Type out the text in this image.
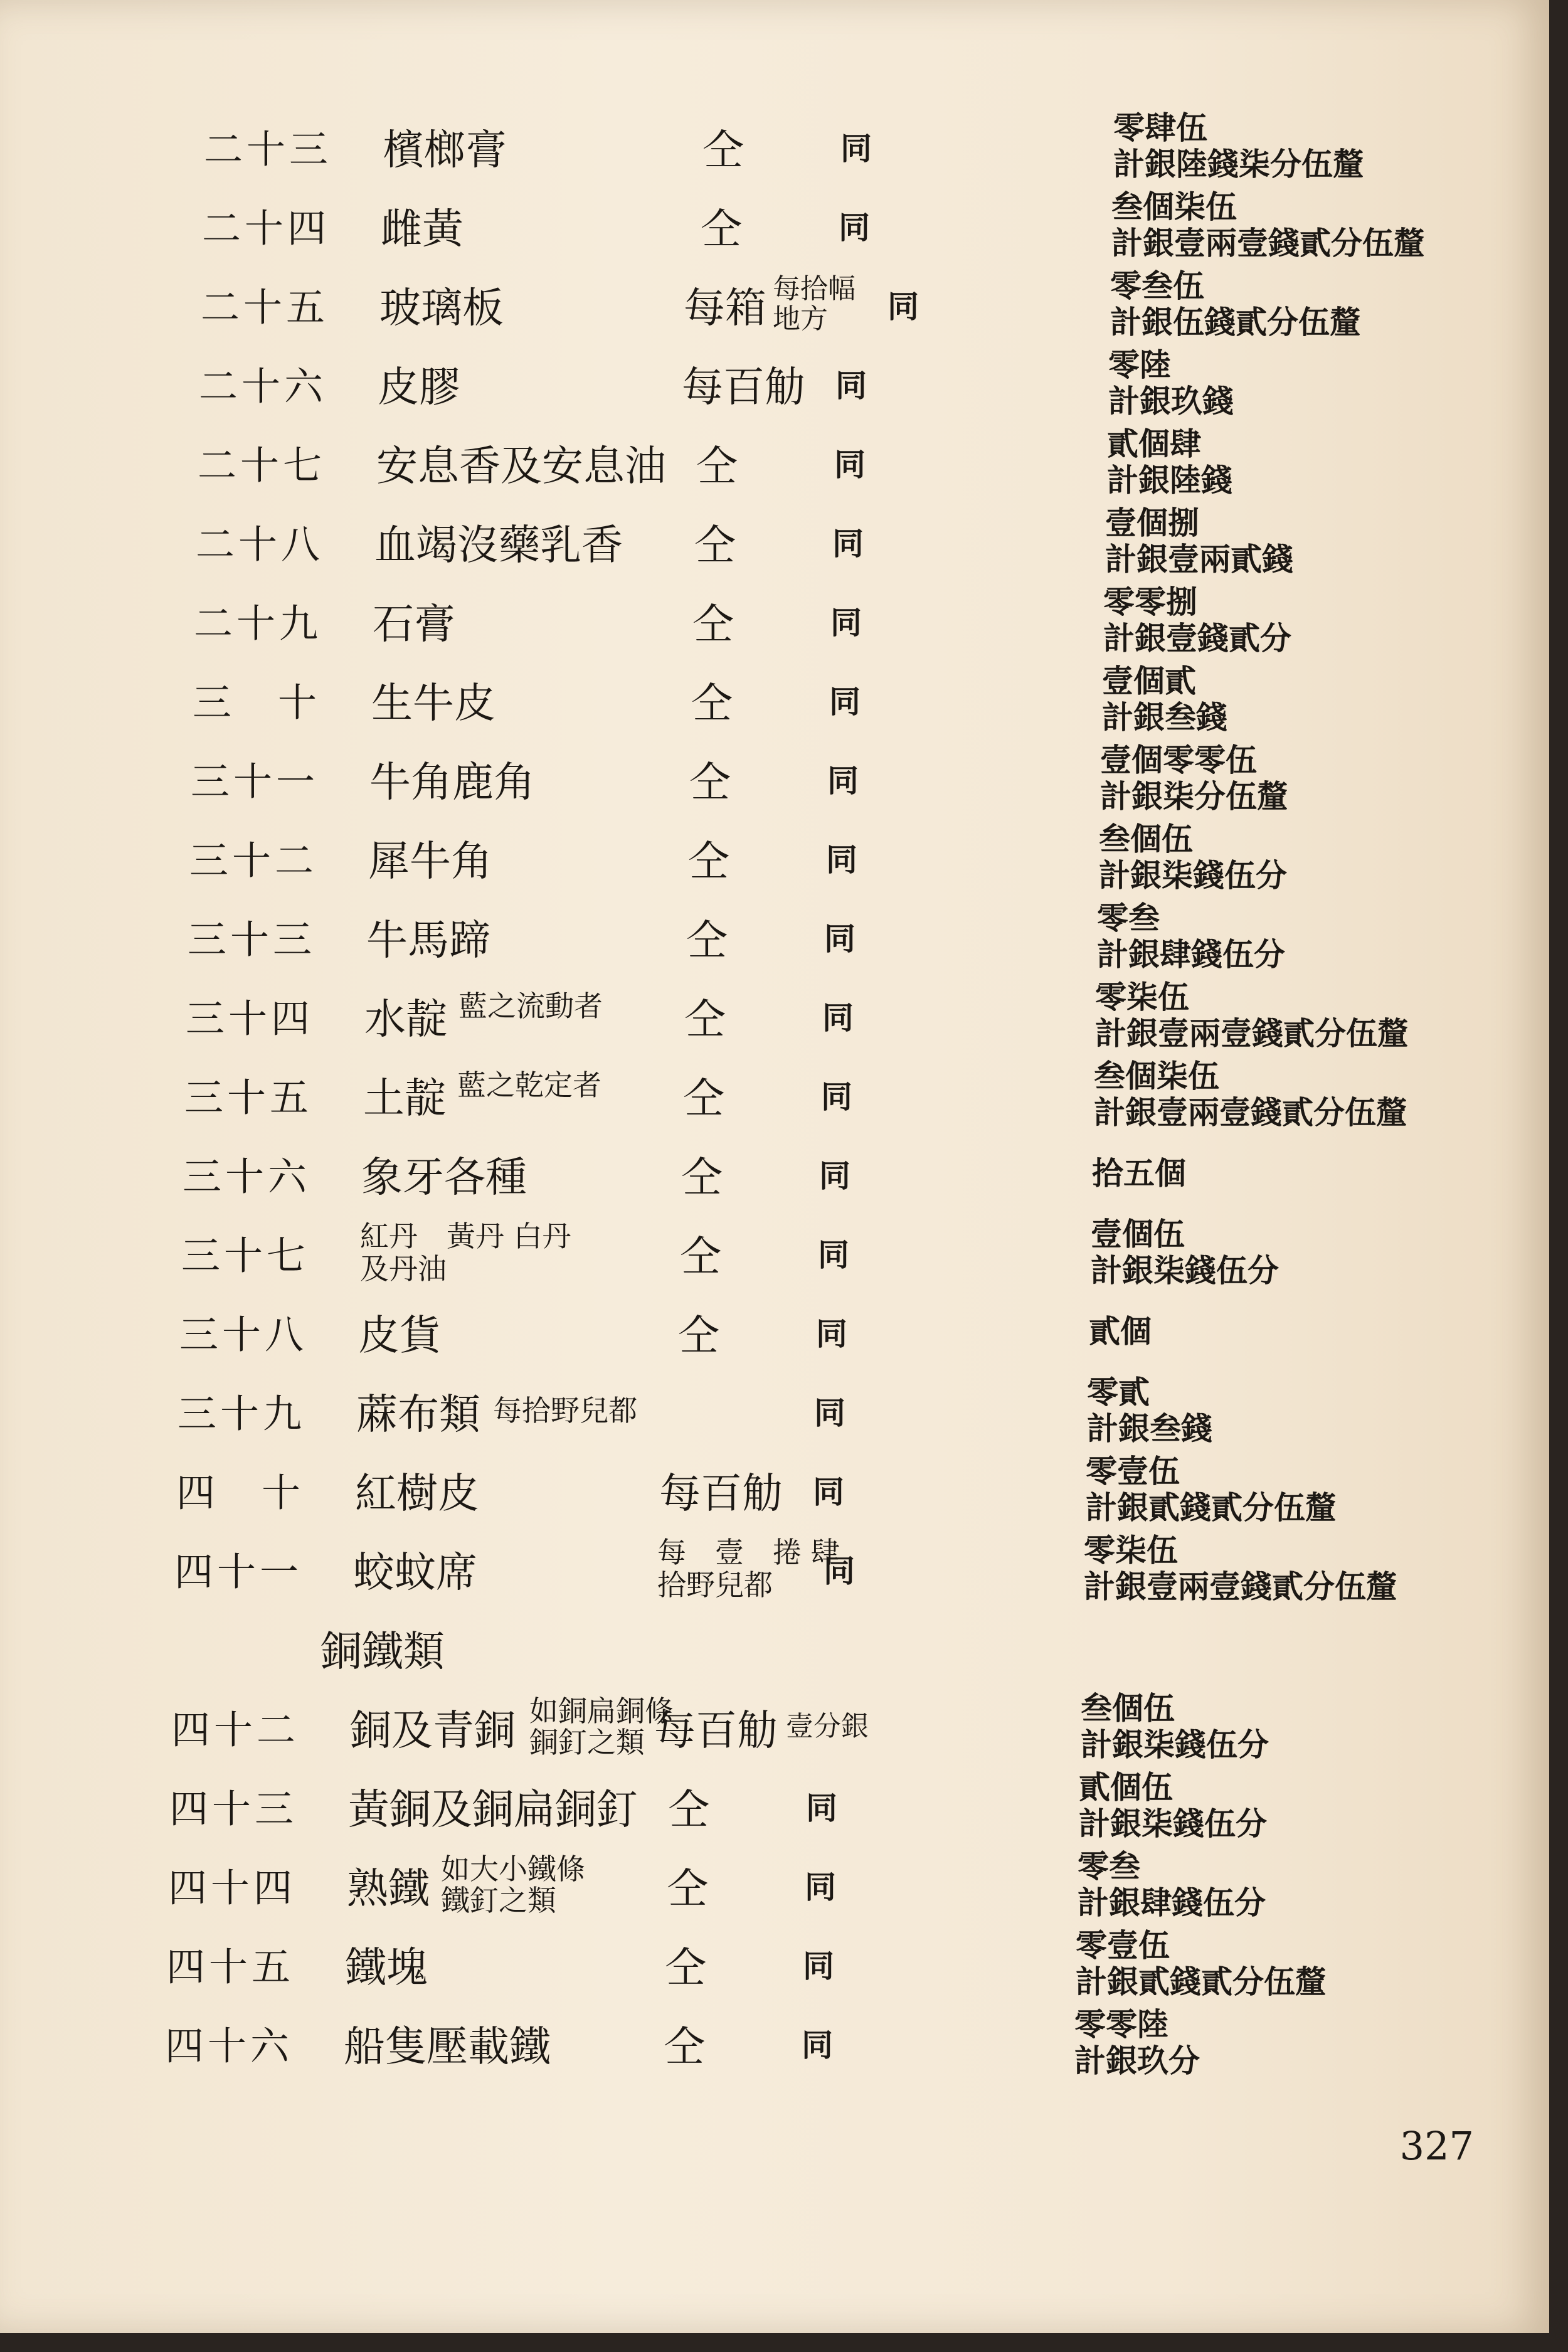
二十三 檳榔膏	仝	同
零肆伍
計銀陸錢柒分伍釐
二十四 雌黃	仝	同
叁個柒伍
計銀壹兩壹錢貳分伍釐
二十五 玻璃板	每箱 每拾幅地方	同
零叁伍
計銀伍錢貳分伍釐
二十六 皮膠	每百觔 同
零陸
計銀玖錢
二十七 安息香及安息油 仝	同
貳個肆
計銀陸錢
二十八 血竭沒藥乳香 仝	同
壹個捌
計銀壹兩貳錢
二十九 石膏	仝	同
零零捌
計銀壹錢貳分
三　十 生牛皮	仝	同
壹個貳
計銀叁錢
三十一 牛角鹿角	仝	同
壹個零零伍
計銀柒分伍釐
三十二 犀牛角	仝	同
叁個伍
計銀柒錢伍分
三十三 牛馬蹄	仝	同
零叁
計銀肆錢伍分
三十四 水靛 藍之流動者 仝	同
零柒伍
計銀壹兩壹錢貳分伍釐
三十五 土靛 藍之乾定者 仝	同
叁個柒伍
計銀壹兩壹錢貳分伍釐
三十六 象牙各種	仝	同	拾五個
三十七 紅丹　黃丹 白丹　及丹油	仝	同
壹個伍
計銀柒錢伍分
三十八 皮貨	仝	同	貳個
三十九 蔴布類 每拾野兒都	同
零貳
計銀叁錢
四　十 紅樹皮	每百觔 同
零壹伍
計銀貳錢貳分伍釐
四十一 蛟蚊席	每　壹　捲 肆拾野兒都	同
零柒伍
計銀壹兩壹錢貳分伍釐
銅鐵類
四十二 銅及青銅 如銅扁銅條 銅釘之類 每百觔 壹分銀	叁個伍
計銀柒錢伍分
四十三 黃銅及銅扁銅釘 仝	同
貳個伍
計銀柒錢伍分
四十四 熟鐵 如大小鐵條 鐵釘之類	仝	同
零叁
計銀肆錢伍分
四十五 鐵塊	仝	同
零壹伍
計銀貳錢貳分伍釐
四十六 船隻壓載鐵	仝	同
零零陸
計銀玖分
327
